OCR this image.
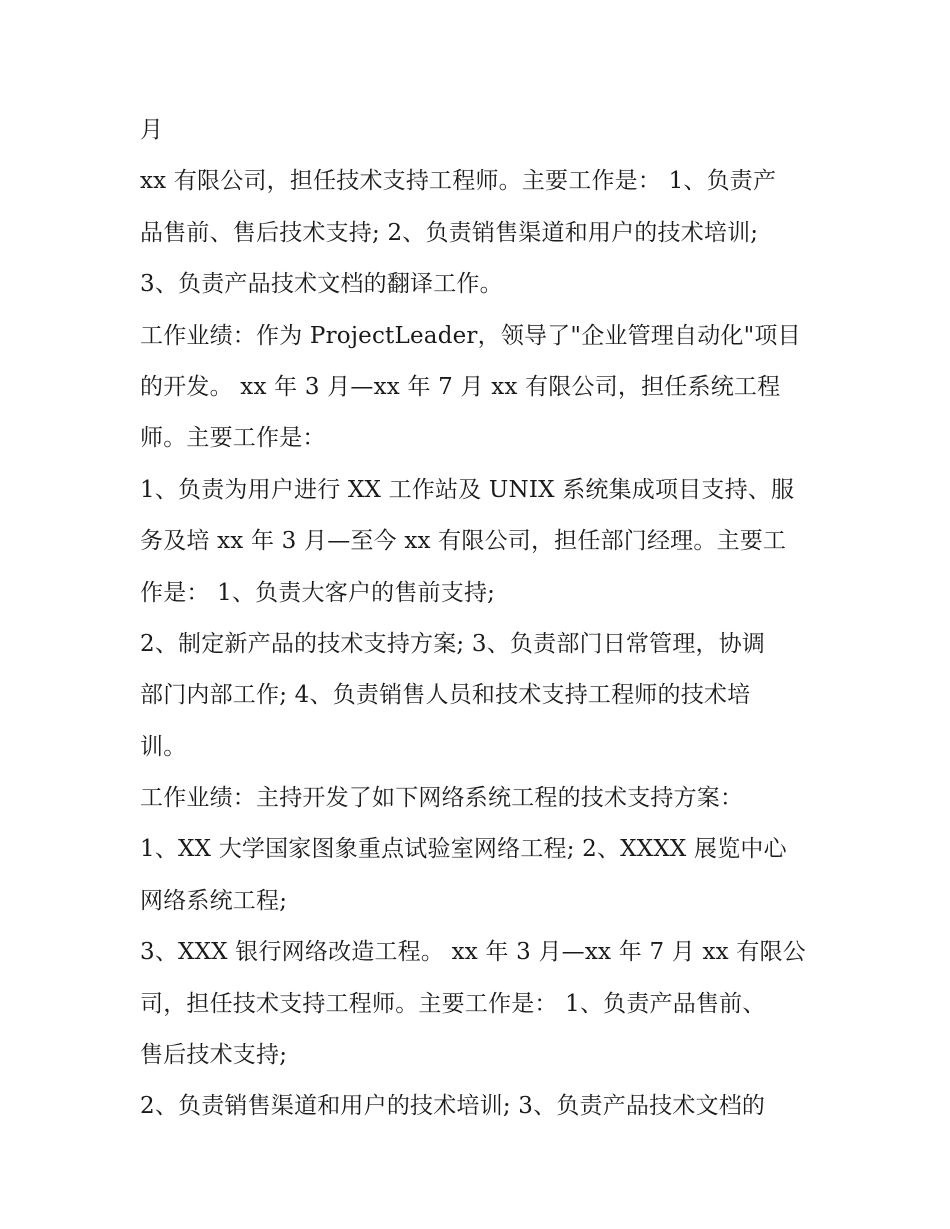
月
xx 有限公司，担任技术支持工程师。主要工作是： 1、负责产
品售前、售后技术支持; 2、负责销售渠道和用户的技术培训;
3、负责产品技术文档的翻译工作。
工作业绩：作为 ProjectLeader，领导了"企业管理自动化"项目
的开发。 xx 年 3 月—xx 年 7 月 xx 有限公司，担任系统工程
师。主要工作是：
1、负责为用户进行 XX 工作站及 UNIX 系统集成项目支持、服
务及培 xx 年 3 月—至今 xx 有限公司，担任部门经理。主要工
作是： 1、负责大客户的售前支持;
2、制定新产品的技术支持方案; 3、负责部门日常管理，协调
部门内部工作; 4、负责销售人员和技术支持工程师的技术培
训。
工作业绩：主持开发了如下网络系统工程的技术支持方案：
1、XX 大学国家图象重点试验室网络工程; 2、XXXX 展览中心
网络系统工程;
3、XXX 银行网络改造工程。 xx 年 3 月—xx 年 7 月 xx 有限公
司，担任技术支持工程师。主要工作是： 1、负责产品售前、
售后技术支持;
2、负责销售渠道和用户的技术培训; 3、负责产品技术文档的
